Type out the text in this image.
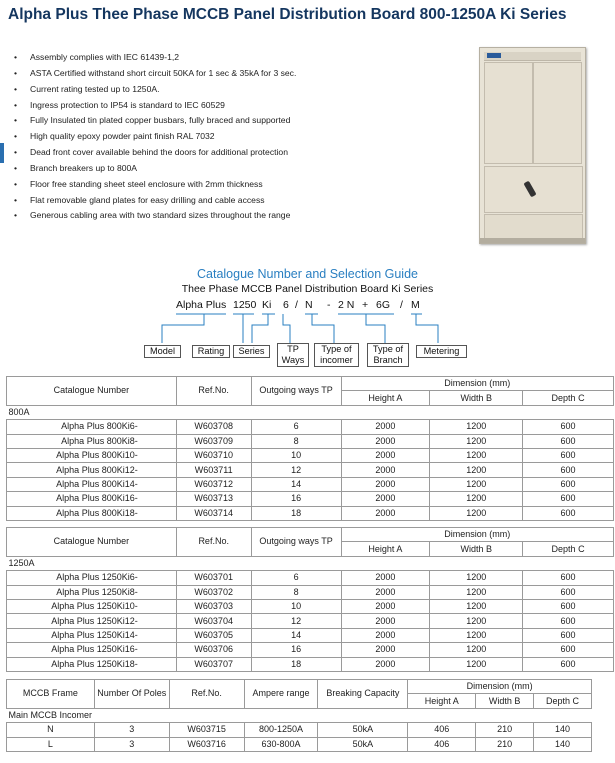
Alpha Plus Thee Phase MCCB Panel Distribution Board 800-1250A Ki Series
• Assembly complies with IEC 61439-1,2
• ASTA Certified withstand short circuit 50KA for 1 sec & 35kA for 3 sec.
• Current rating tested up to 1250A.
• Ingress protection to IP54 is standard to IEC 60529
• Fully Insulated tin plated copper busbars, fully braced and supported
• High quality epoxy powder paint finish RAL 7032
• Dead front cover available behind the doors for additional protection
• Branch breakers up to 800A
• Floor free standing sheet steel enclosure with 2mm thickness
• Flat removable gland plates for easy drilling and cable access
• Generous cabling area with two standard sizes throughout the range
Catalogue Number and Selection Guide
Thee Phase MCCB Panel Distribution Board Ki Series
Alpha Plus 1250 Ki 6 / N - 2 N + 6G / M
Model	Rating	Series	TP Ways
Type of incomer
Type of Branch
Metering
Catalogue Number	Ref.No.	Outgoing ways TP	Dimension (mm)		
			Height A	Width B	Depth C
800A					
Alpha Plus 800Ki6-	W603708	6	2000	1200	600
Alpha Plus 800Ki8-	W603709	8	2000	1200	600
Alpha Plus 800Ki10-	W603710	10	2000	1200	600
Alpha Plus 800Ki12-	W603711	12	2000	1200	600
Alpha Plus 800Ki14-	W603712	14	2000	1200	600
Alpha Plus 800Ki16-	W603713	16	2000	1200	600
Alpha Plus 800Ki18-	W603714	18	2000	1200	600
Catalogue Number	Ref.No.	Outgoing ways TP	Dimension (mm)		
			Height A	Width B	Depth C
1250A					
Alpha Plus 1250Ki6-	W603701	6	2000	1200	600
Alpha Plus 1250Ki8-	W603702	8	2000	1200	600
Alpha Plus 1250Ki10-	W603703	10	2000	1200	600
Alpha Plus 1250Ki12-	W603704	12	2000	1200	600
Alpha Plus 1250Ki14-	W603705	14	2000	1200	600
Alpha Plus 1250Ki16-	W603706	16	2000	1200	600
Alpha Plus 1250Ki18-	W603707	18	2000	1200	600
MCCB Frame	Number Of Poles	Ref.No.	Ampere range	Breaking Capacity	Dimension (mm)		
					Height A	Width B	Depth C
Main MCCB Incomer							
N	3	W603715	800-1250A	50kA	406	210	140
L	3	W603716	630-800A	50kA	406	210	140
